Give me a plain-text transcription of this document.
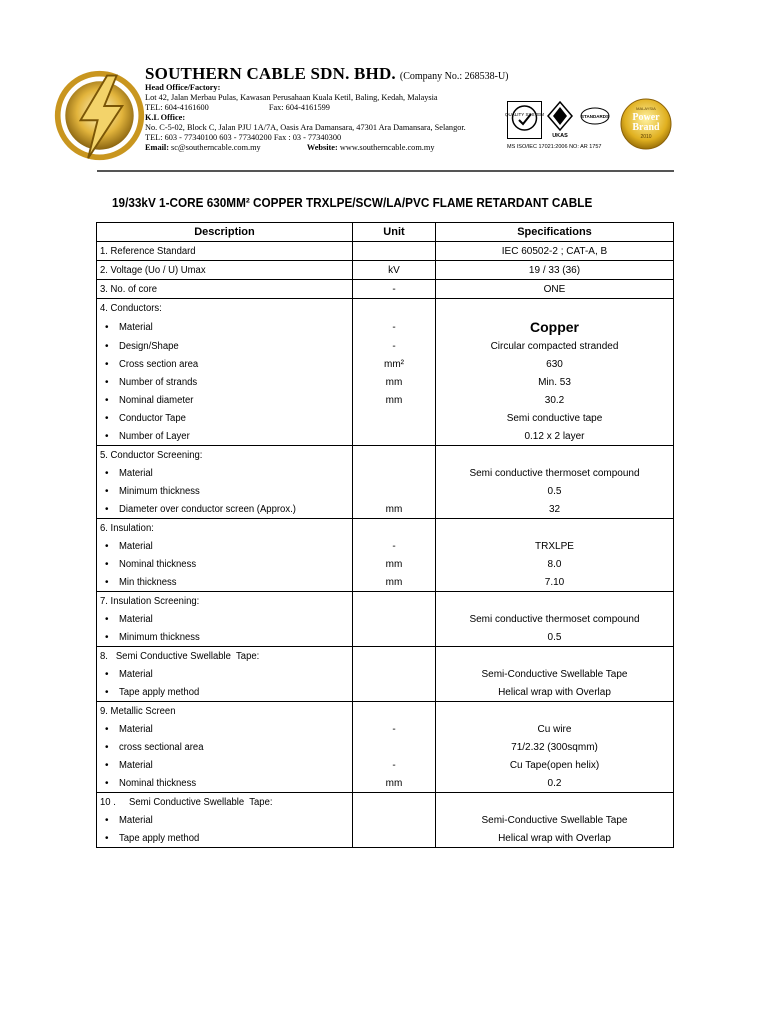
SOUTHERN CABLE SDN. BHD. (Company No.: 268538-U)
Head Office/Factory:
Lot 42, Jalan Merbau Pulas, Kawasan Perusahaan Kuala Ketil, Baling, Kedah, Malaysia
TEL: 604-4161600	Fax: 604-4161599
K.L Office:
No. C-5-02, Block C, Jalan PJU 1A/7A, Oasis Ara Damansara, 47301 Ara Damansara, Selangor.
TEL: 603 - 77340100 603 - 77340200 Fax : 03 - 77340300
Email: sc@southerncable.com.my	Website: www.southerncable.com.my
QUALITY SYSTEM
UKAS
STANDARDS
MS ISO/IEC 17021:2006 NO: AR 1757
MALAYSIA
Power
Brand
2010
19/33kV 1-CORE 630MM² COPPER TRXLPE/SCW/LA/PVC FLAME RETARDANT CABLE
Description	Unit	Specifications
1. Reference Standard		IEC 60502-2 ; CAT-A, B
2. Voltage (Uo / U) Umax	kV	19 / 33 (36)
3. No. of core	-	ONE
4. Conductors:		
• Material	-	Copper
• Design/Shape	-	Circular compacted stranded
• Cross section area	mm²	630
• Number of strands	mm	Min. 53
• Nominal diameter	mm	30.2
• Conductor Tape		Semi conductive tape
• Number of Layer		0.12 x 2 layer
5. Conductor Screening:		
• Material		Semi conductive thermoset compound
• Minimum thickness		0.5
• Diameter over conductor screen (Approx.)	mm	32
6. Insulation:		
• Material	-	TRXLPE
• Nominal thickness	mm	8.0
• Min thickness	mm	7.10
7. Insulation Screening:		
• Material		Semi conductive thermoset compound
• Minimum thickness		0.5
8.   Semi Conductive Swellable  Tape:		
• Material		Semi-Conductive Swellable Tape
• Tape apply method		Helical wrap with Overlap
9. Metallic Screen		
• Material	-	Cu wire
• cross sectional area		71/2.32 (300sqmm)
• Material	-	Cu Tape(open helix)
• Nominal thickness	mm	0.2
10 .     Semi Conductive Swellable  Tape:		
• Material		Semi-Conductive Swellable Tape
• Tape apply method		Helical wrap with Overlap
